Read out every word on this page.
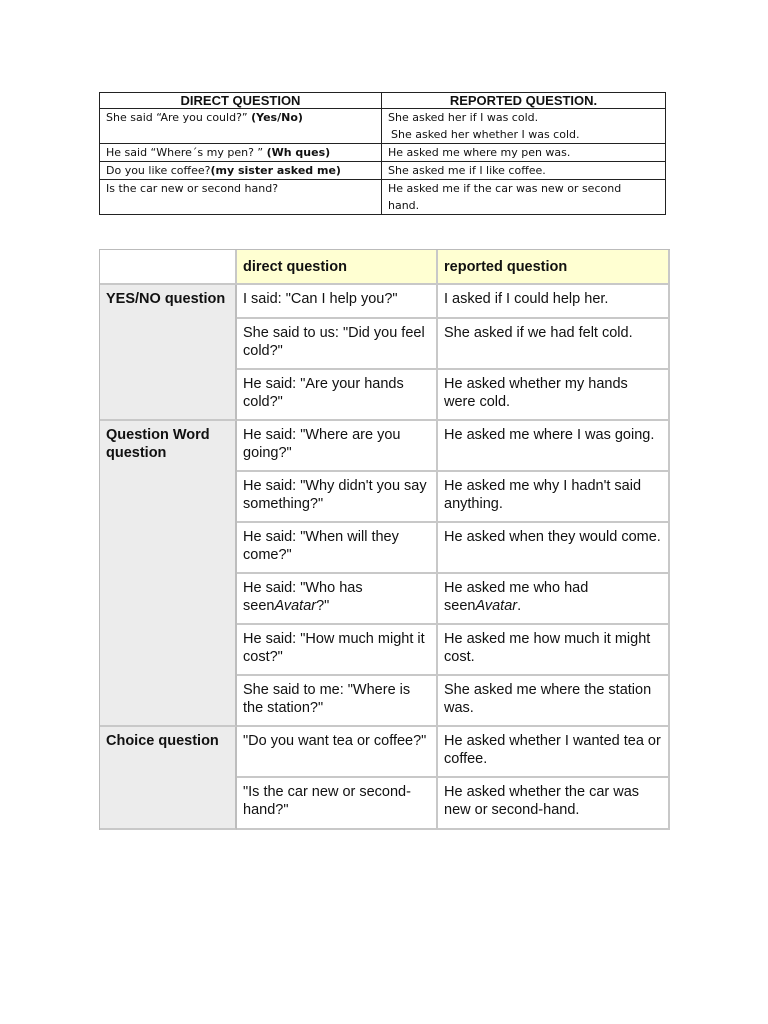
DIRECT QUESTION	REPORTED QUESTION.
She said “Are you could?” (Yes/No)	She asked her if I was cold.
She asked her whether I was cold.

He said “Where´s my pen? ” (Wh ques)	He asked me where my pen was.

Do you like coffee?(my sister asked me)	She asked me if I like coffee.

Is the car new or second hand?	He asked me if the car was new or second
hand.
	direct question	reported question
YES/NO question	I said: "Can I help you?"	I asked if I could help her.
	She said to us: "Did you feel cold?"	She asked if we had felt cold.
	He said: "Are your hands cold?"	He asked whether my hands were cold.
Question Word question	He said: "Where are you going?"	He asked me where I was going.
	He said: "Why didn't you say something?"	He asked me why I hadn't said anything.
	He said: "When will they come?"	He asked when they would come.
	He said: "Who has seenAvatar?"	He asked me who had seenAvatar.
	He said: "How much might it cost?"	He asked me how much it might cost.
	She said to me: "Where is the station?"	She asked me where the station was.
Choice question	"Do you want tea or coffee?"	He asked whether I wanted tea or coffee.
	"Is the car new or second-hand?"	He asked whether the car was new or second-hand.
